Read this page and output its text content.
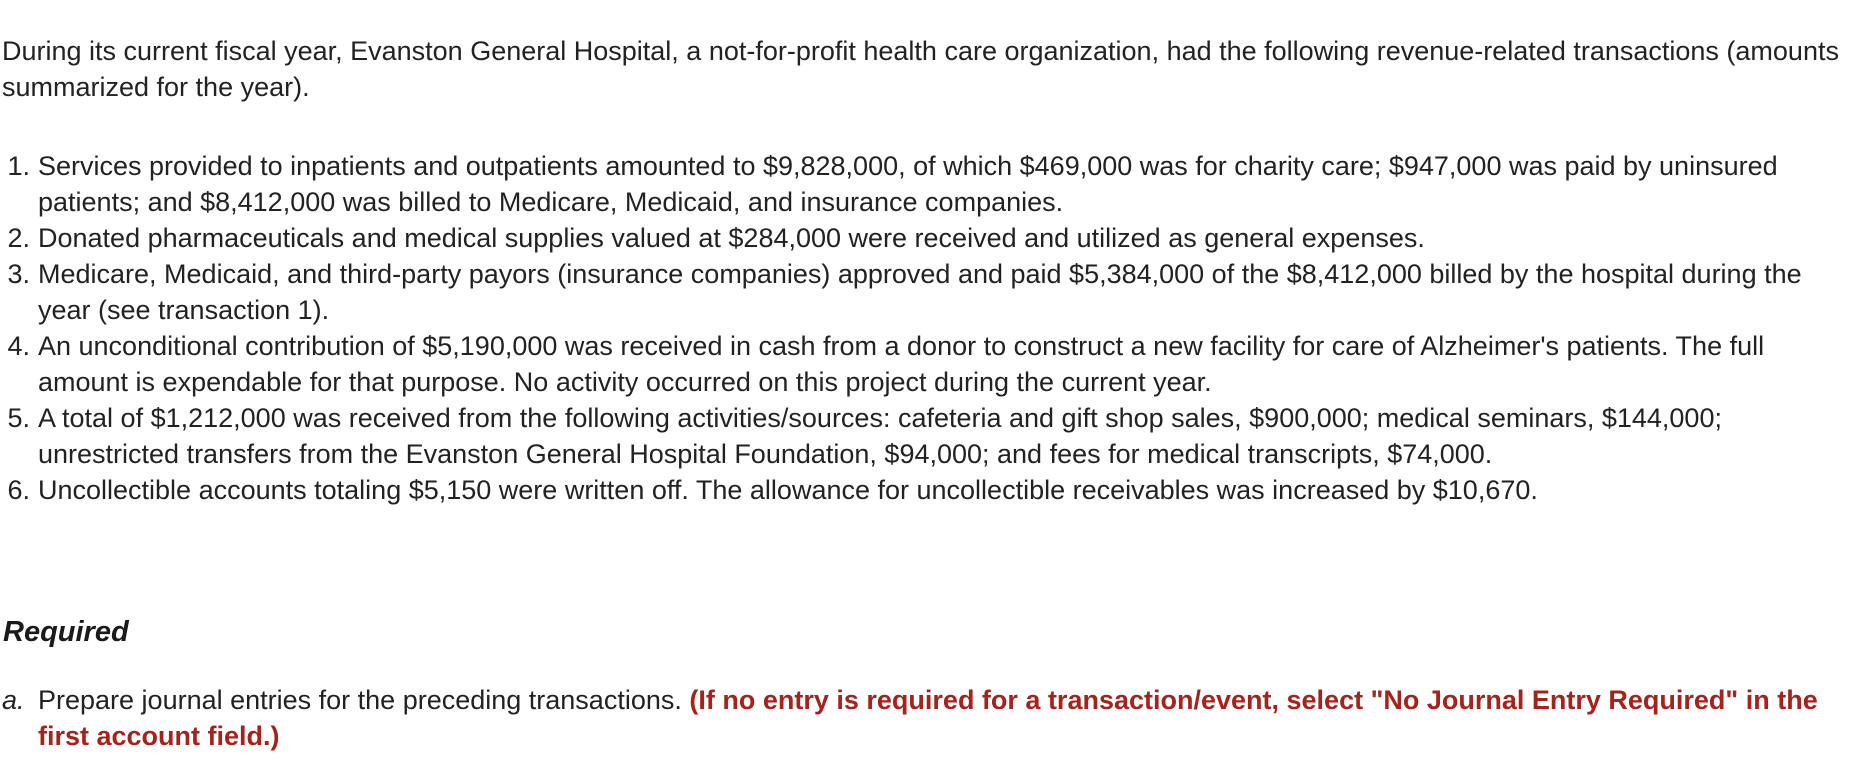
During its current fiscal year, Evanston General Hospital, a not-for-profit health care organization, had the following revenue-related transactions (amounts summarized for the year).

1. Services provided to inpatients and outpatients amounted to $9,828,000, of which $469,000 was for charity care; $947,000 was paid by uninsured patients; and $8,412,000 was billed to Medicare, Medicaid, and insurance companies.
2. Donated pharmaceuticals and medical supplies valued at $284,000 were received and utilized as general expenses.
3. Medicare, Medicaid, and third-party payors (insurance companies) approved and paid $5,384,000 of the $8,412,000 billed by the hospital during the year (see transaction 1).
4. An unconditional contribution of $5,190,000 was received in cash from a donor to construct a new facility for care of Alzheimer's patients. The full amount is expendable for that purpose. No activity occurred on this project during the current year.
5. A total of $1,212,000 was received from the following activities/sources: cafeteria and gift shop sales, $900,000; medical seminars, $144,000; unrestricted transfers from the Evanston General Hospital Foundation, $94,000; and fees for medical transcripts, $74,000.
6. Uncollectible accounts totaling $5,150 were written off. The allowance for uncollectible receivables was increased by $10,670.
Required
a. Prepare journal entries for the preceding transactions. (If no entry is required for a transaction/event, select "No Journal Entry Required" in the first account field.)
